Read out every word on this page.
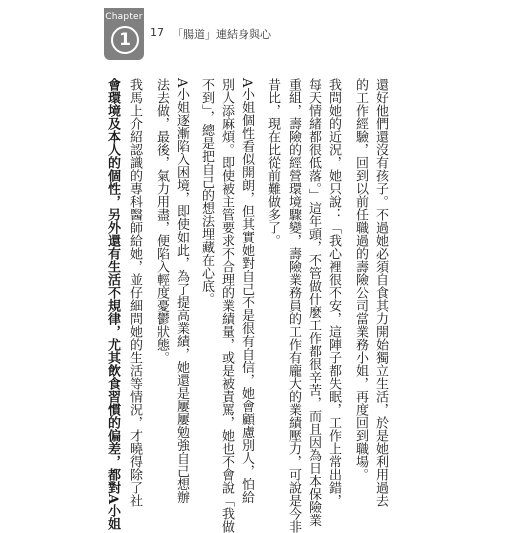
Chapter
1	17 「腸道」連結身與心
還好他們還沒有孩子。不過她必須自食其力開始獨立生活，於是她利用過去
的工作經驗，回到以前任職過的壽險公司當業務小姐，再度回到職場。
我問她的近況，她只說：「我心裡很不安，這陣子都失眠，工作上常出錯，
每天情緒都很低落。」這年頭，不管做什麼工作都很辛苦，而且因為日本保險業
重組，壽險的經營環境驟變，壽險業務員的工作有龐大的業績壓力，可說是今非
昔比，現在比從前難做多了。
A小姐個性看似開朗，但其實她對自己不是很有自信，她會顧慮別人，怕給
別人添麻煩。即使被主管要求不合理的業績量，或是被責罵，她也不會說「我做
不到」，總是把自己的想法埋藏在心底。
A小姐逐漸陷入困境，即使如此，為了提高業績，她還是屢屢勉強自己想辦
法去做，最後，氣力用盡，便陷入輕度憂鬱狀態。
我馬上介紹認識的專科醫師給她，並仔細問她的生活等情況，才曉得除了社
會環境及本人的個性，另外還有生活不規律，尤其飲食習慣的偏差，都對A小姐
